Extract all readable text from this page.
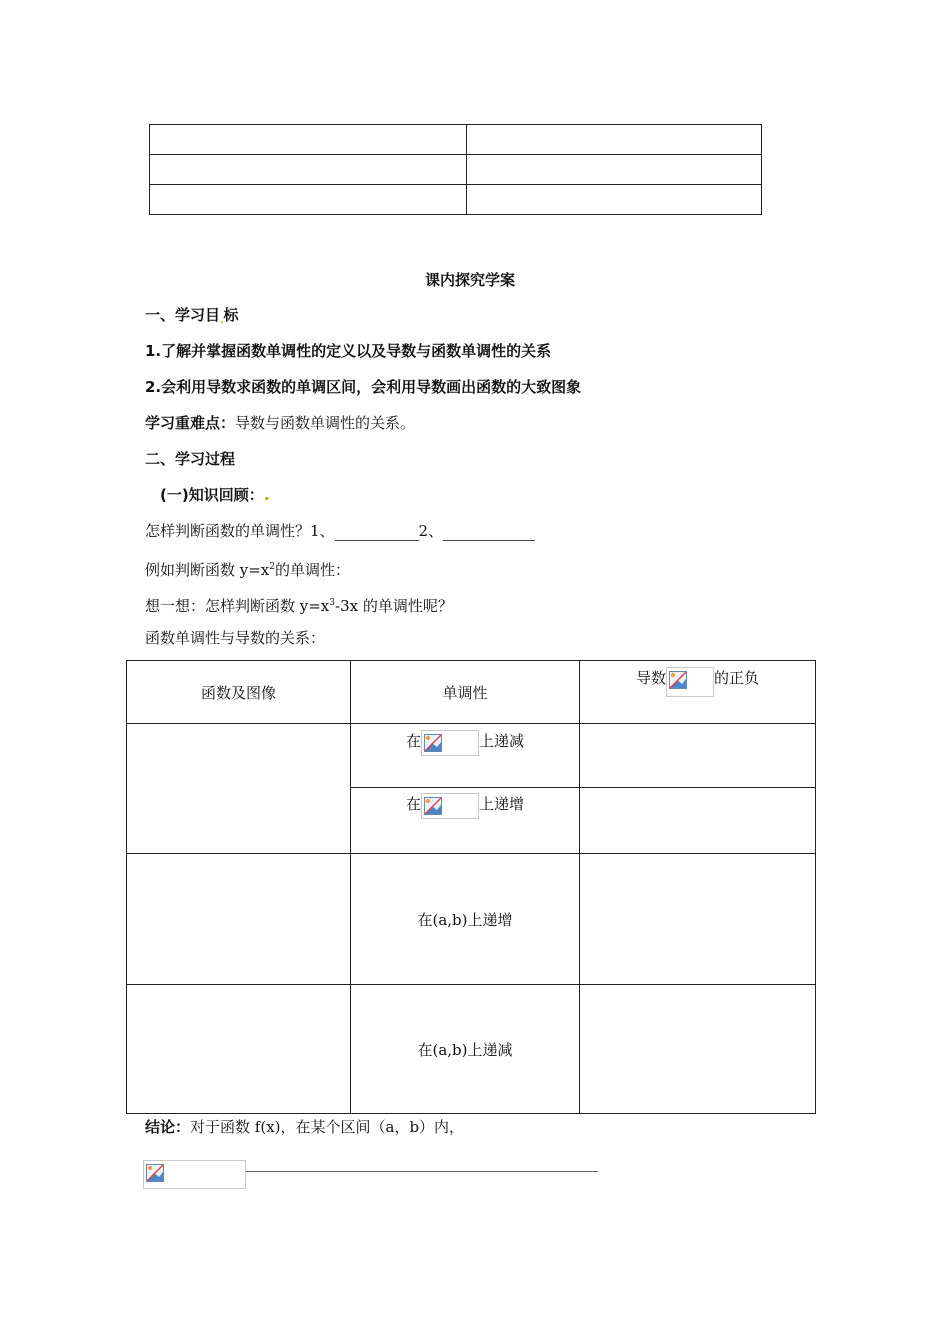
课内探究学案
一、学习目$_.$标
1.了解并掌握函数单调性的定义以及导数与函数单调性的关系
2.会利用导数求函数的单调区间，会利用导数画出函数的大致图象
学习重难点：导数与函数单调性的关系。
二、学习过程
(一)知识回顾：.
怎样判断函数的单调性？1、	2、
例如判断函数 $y=x^2$的单调性：
想一想：怎样判断函数 $y=x^3-3x$ 的单调性呢？
函数单调性与导数的关系：
函数及图像	单调性	导数 的正负

	在 上递减	

	在 上递增	

	在(a,b)上递增	
	在(a,b)上递减	
结论：对于函数 f(x)，在某个区间（a，b）内，
